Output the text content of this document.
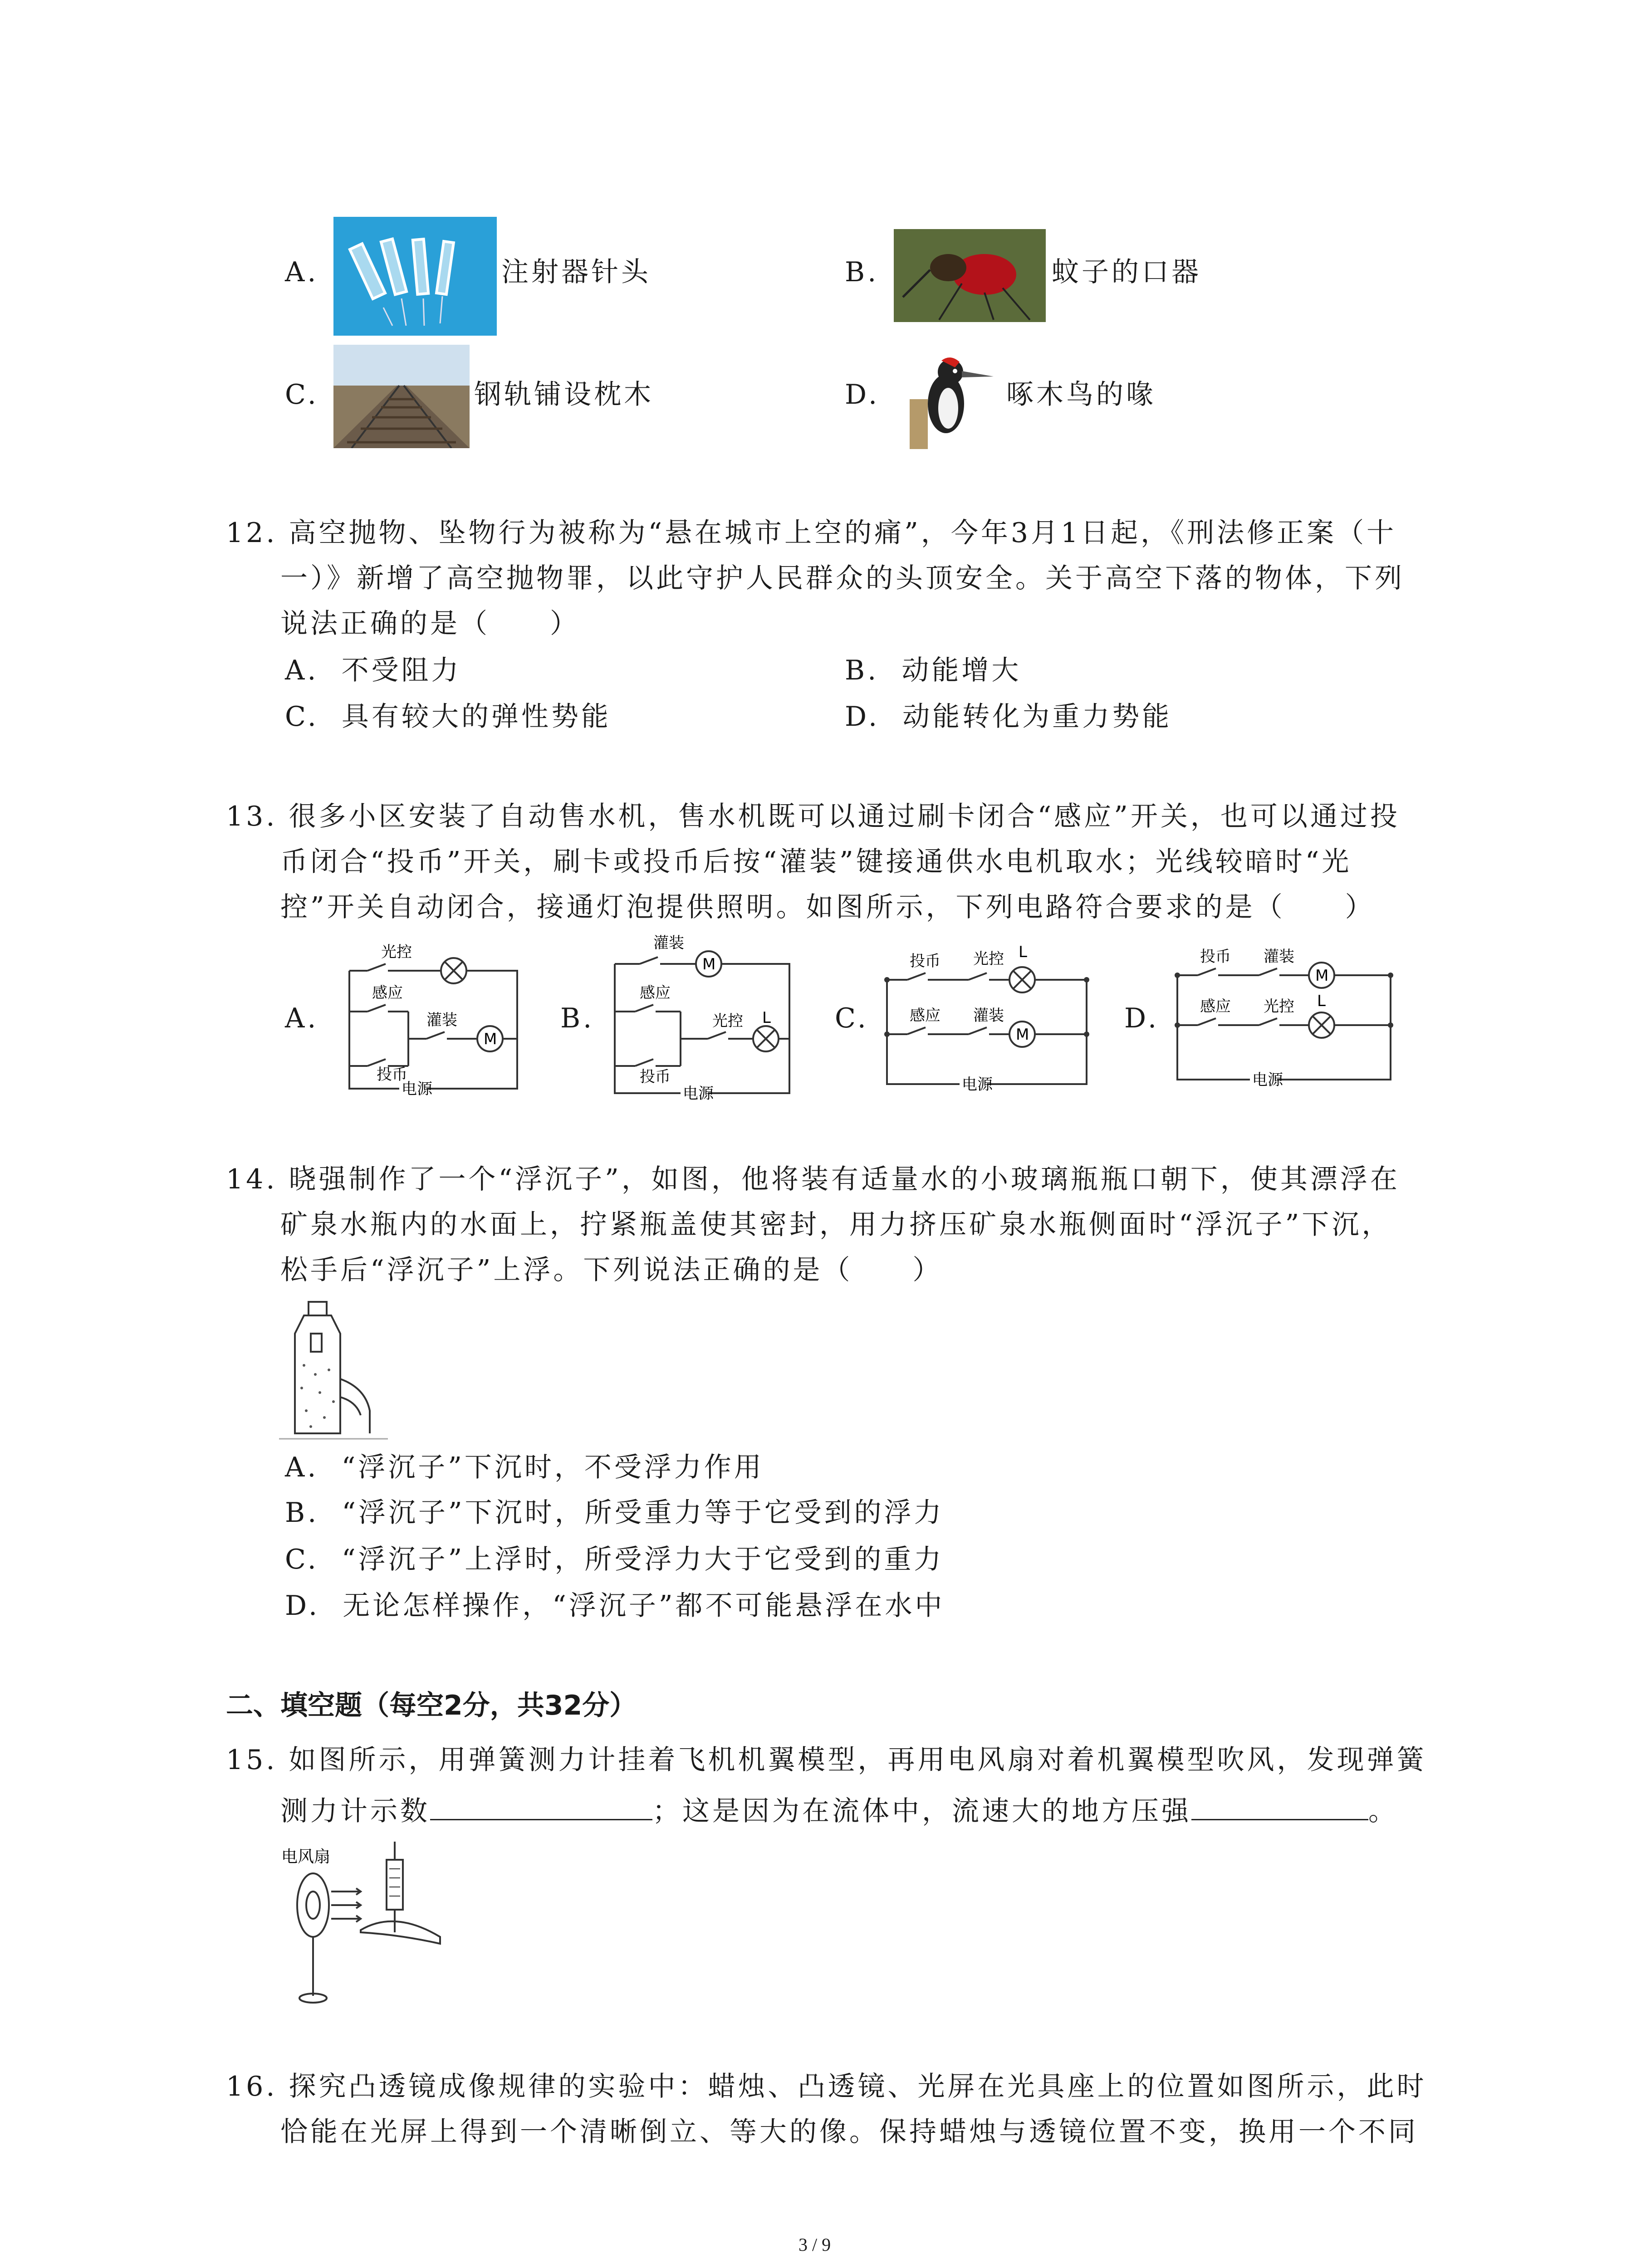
A.	注射器针头	B.	蚊子的口器
C.	钢轨铺设枕木	D.	啄木鸟的喙
12. 高空抛物、坠物行为被称为“悬在城市上空的痛”，今年3月1日起，《刑法修正案（十
一）》新增了高空抛物罪，以此守护人民群众的头顶安全。关于高空下落的物体，下列
说法正确的是（　　）
A. 不受阻力	B. 动能增大
C. 具有较大的弹性势能	D. 动能转化为重力势能
13. 很多小区安装了自动售水机，售水机既可以通过刷卡闭合“感应”开关，也可以通过投
币闭合“投币”开关，刷卡或投币后按“灌装”键接通供水电机取水；光线较暗时“光
控”开关自动闭合，接通灯泡提供照明。如图所示，下列电路符合要求的是（　　）
A.	B.	C.	D.
光控
感应
灌装
投币
M
电源
灌装
感应
光控 L
投币
M
电源
投币 光控 L
感应 灌装
M
电源
投币 灌装
M
感应 光控 L
电源
14. 晓强制作了一个“浮沉子”，如图，他将装有适量水的小玻璃瓶瓶口朝下，使其漂浮在
矿泉水瓶内的水面上，拧紧瓶盖使其密封，用力挤压矿泉水瓶侧面时“浮沉子”下沉，
松手后“浮沉子”上浮。下列说法正确的是（　　）
A. “浮沉子”下沉时，不受浮力作用
B. “浮沉子”下沉时，所受重力等于它受到的浮力
C. “浮沉子”上浮时，所受浮力大于它受到的重力
D. 无论怎样操作，“浮沉子”都不可能悬浮在水中
二、填空题（每空2分，共32分）
15. 如图所示，用弹簧测力计挂着飞机机翼模型，再用电风扇对着机翼模型吹风，发现弹簧
测力计示数	；这是因为在流体中，流速大的地方压强	。
电风扇
16. 探究凸透镜成像规律的实验中：蜡烛、凸透镜、光屏在光具座上的位置如图所示，此时
恰能在光屏上得到一个清晰倒立、等大的像。保持蜡烛与透镜位置不变，换用一个不同
3 / 9
